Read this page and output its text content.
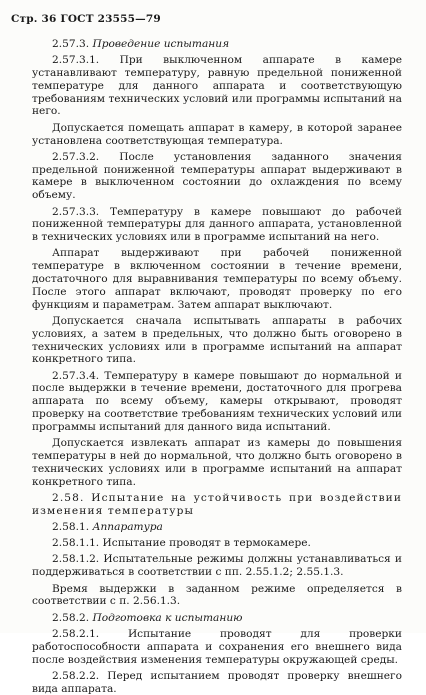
Стр. 36 ГОСТ 23555—79

2.57.3. Проведение испытания

2.57.3.1. При выключенном аппарате в камере устанавливают температуру, равную предельной пониженной температуре для данного аппарата и соответствующую требованиям технических условий или программы испытаний на него.

Допускается помещать аппарат в камеру, в которой заранее установлена соответствующая температура.

2.57.3.2. После установления заданного значения предельной пониженной температуры аппарат выдерживают в камере в выключенном состоянии до охлаждения по всему объему.

2.57.3.3. Температуру в камере повышают до рабочей пониженной температуры для данного аппарата, установленной в технических условиях или в программе испытаний на него.

Аппарат выдерживают при рабочей пониженной температуре в включенном состоянии в течение времени, достаточного для выравнивания температуры по всему объему. После этого аппарат включают, проводят проверку по его функциям и параметрам. Затем аппарат выключают.

Допускается сначала испытывать аппараты в рабочих условиях, а затем в предельных, что должно быть оговорено в технических условиях или в программе испытаний на аппарат конкретного типа.

2.57.3.4. Температуру в камере повышают до нормальной и после выдержки в течение времени, достаточного для прогрева аппарата по всему объему, камеры открывают, проводят проверку на соответствие требованиям технических условий или программы испытаний для данного вида испытаний.

Допускается извлекать аппарат из камеры до повышения температуры в ней до нормальной, что должно быть оговорено в технических условиях или в программе испытаний на аппарат конкретного типа.

2.58. Испытание на устойчивость при воздействии изменения температуры

2.58.1. Аппаратура

2.58.1.1. Испытание проводят в термокамере.

2.58.1.2. Испытательные режимы должны устанавливаться и поддерживаться в соответствии с пп. 2.55.1.2; 2.55.1.3.

Время выдержки в заданном режиме определяется в соответствии с п. 2.56.1.3.

2.58.2. Подготовка к испытанию

2.58.2.1. Испытание проводят для проверки работоспособности аппарата и сохранения его внешнего вида после воздействия изменения температуры окружающей среды.

2.58.2.2. Перед испытанием проводят проверку внешнего вида аппарата.
